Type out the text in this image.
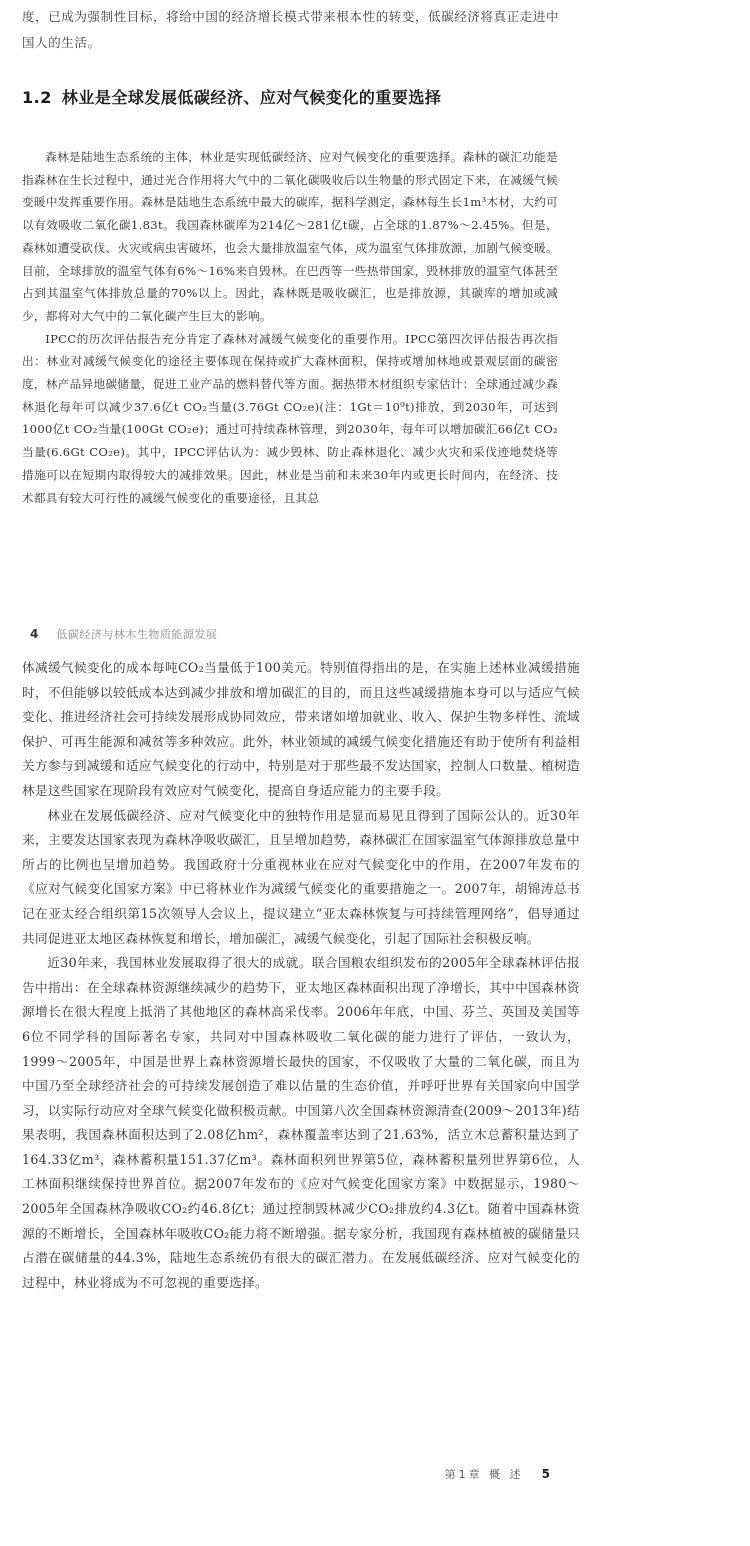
度，已成为强制性目标，将给中国的经济增长模式带来根本性的转变，低碳经济将真正走进中国人的生活。

1.2 林业是全球发展低碳经济、应对气候变化的重要选择

森林是陆地生态系统的主体，林业是实现低碳经济、应对气候变化的重要选择。森林的碳汇功能是指森林在生长过程中，通过光合作用将大气中的二氧化碳吸收后以生物量的形式固定下来，在减缓气候变暖中发挥重要作用。森林是陆地生态系统中最大的碳库，据科学测定，森林每生长1m³木材，大约可以有效吸收二氧化碳1.83t。我国森林碳库为214亿～281亿t碳，占全球的1.87%～2.45%。但是，森林如遭受砍伐、火灾或病虫害破坏，也会大量排放温室气体，成为温室气体排放源，加剧气候变暖。目前，全球排放的温室气体有6%～16%来自毁林。在巴西等一些热带国家，毁林排放的温室气体甚至占到其温室气体排放总量的70%以上。因此，森林既是吸收碳汇，也是排放源，其碳库的增加或减少，都将对大气中的二氧化碳产生巨大的影响。

IPCC的历次评估报告充分肯定了森林对减缓气候变化的重要作用。IPCC第四次评估报告再次指出：林业对减缓气候变化的途径主要体现在保持或扩大森林面积，保持或增加林地或景观层面的碳密度，林产品异地碳储量，促进工业产品的燃料替代等方面。据热带木材组织专家估计：全球通过减少森林退化每年可以减少37.6亿t CO₂当量(3.76Gt CO₂e)(注：1Gt＝10⁹t)排放，到2030年，可达到1000亿t CO₂当量(100Gt CO₂e)；通过可持续森林管理，到2030年，每年可以增加碳汇66亿t CO₂当量(6.6Gt CO₂e)。其中，IPCC评估认为：减少毁林、防止森林退化、减少火灾和采伐迹地焚烧等措施可以在短期内取得较大的减排效果。因此，林业是当前和未来30年内或更长时间内，在经济、技术都具有较大可行性的减缓气候变化的重要途径，且其总

4 低碳经济与林木生物质能源发展

体减缓气候变化的成本每吨CO₂当量低于100美元。特别值得指出的是，在实施上述林业减缓措施时，不但能够以较低成本达到减少排放和增加碳汇的目的，而且这些减缓措施本身可以与适应气候变化、推进经济社会可持续发展形成协同效应，带来诸如增加就业、收入、保护生物多样性、流域保护、可再生能源和减贫等多种效应。此外，林业领域的减缓气候变化措施还有助于使所有利益相关方参与到减缓和适应气候变化的行动中，特别是对于那些最不发达国家，控制人口数量、植树造林是这些国家在现阶段有效应对气候变化，提高自身适应能力的主要手段。

林业在发展低碳经济、应对气候变化中的独特作用是显而易见且得到了国际公认的。近30年来，主要发达国家表现为森林净吸收碳汇，且呈增加趋势，森林碳汇在国家温室气体源排放总量中所占的比例也呈增加趋势。我国政府十分重视林业在应对气候变化中的作用，在2007年发布的《应对气候变化国家方案》中已将林业作为减缓气候变化的重要措施之一。2007年，胡锦涛总书记在亚太经合组织第15次领导人会议上，提议建立“亚太森林恢复与可持续管理网络”，倡导通过共同促进亚太地区森林恢复和增长，增加碳汇，减缓气候变化，引起了国际社会积极反响。

近30年来，我国林业发展取得了很大的成就。联合国粮农组织发布的2005年全球森林评估报告中指出：在全球森林资源继续减少的趋势下，亚太地区森林面积出现了净增长，其中中国森林资源增长在很大程度上抵消了其他地区的森林高采伐率。2006年年底，中国、芬兰、英国及美国等6位不同学科的国际著名专家，共同对中国森林吸收二氧化碳的能力进行了评估，一致认为，1999～2005年，中国是世界上森林资源增长最快的国家，不仅吸收了大量的二氧化碳，而且为中国乃至全球经济社会的可持续发展创造了难以估量的生态价值，并呼吁世界有关国家向中国学习，以实际行动应对全球气候变化做积极贡献。中国第八次全国森林资源清查(2009～2013年)结果表明，我国森林面积达到了2.08亿hm²，森林覆盖率达到了21.63%，活立木总蓄积量达到了164.33亿m³，森林蓄积量151.37亿m³。森林面积列世界第5位，森林蓄积量列世界第6位，人工林面积继续保持世界首位。据2007年发布的《应对气候变化国家方案》中数据显示，1980～2005年全国森林净吸收CO₂约46.8亿t；通过控制毁林减少CO₂排放约4.3亿t。随着中国森林资源的不断增长，全国森林年吸收CO₂能力将不断增强。据专家分析，我国现有森林植被的碳储量只占潜在碳储量的44.3%，陆地生态系统仍有很大的碳汇潜力。在发展低碳经济、应对气候变化的过程中，林业将成为不可忽视的重要选择。

第1章 概 述 5
